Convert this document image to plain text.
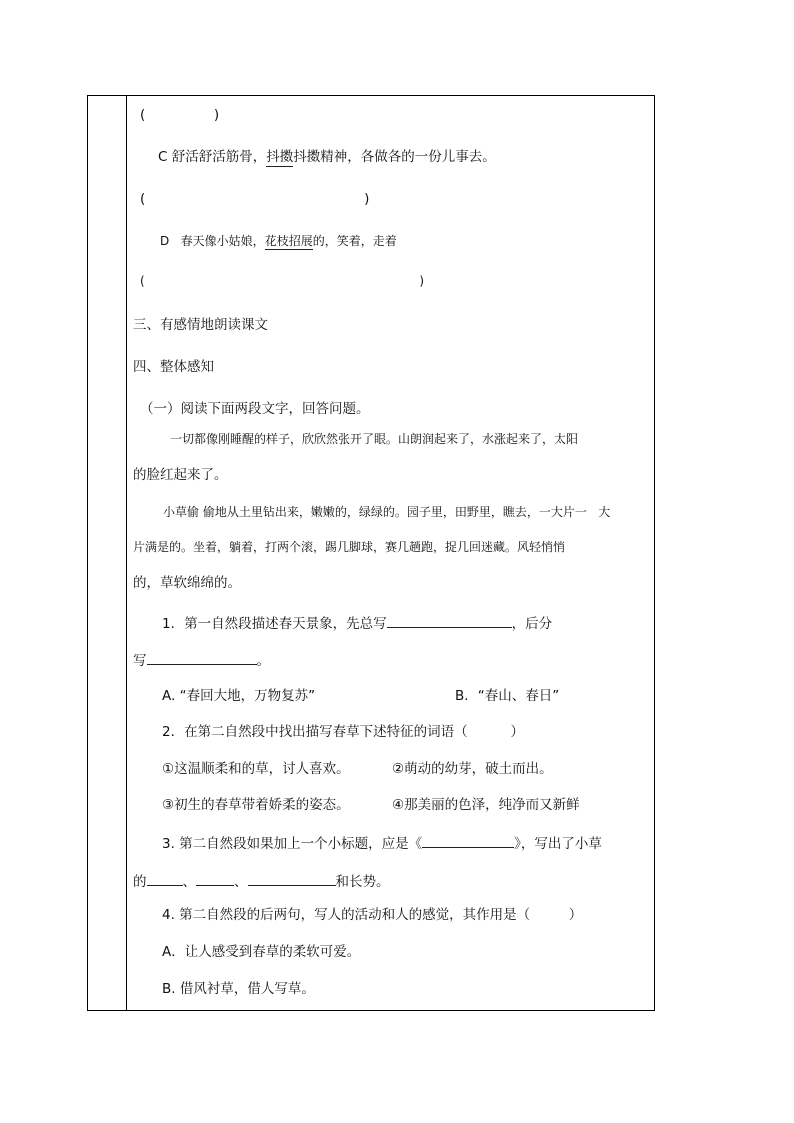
(                )
C 舒活舒活筋骨，抖擞抖擞精神，各做各的一份儿事去。
(                                                   )
D   春天像小姑娘，花枝招展的，笑着，走着
(                                                                        )
三、有感情地朗读课文
四、整体感知
（一）阅读下面两段文字，回答问题。
一切都像刚睡醒的样子，欣欣然张开了眼。山朗润起来了，水涨起来了，太阳
的脸红起来了。
小草偷 偷地从土里钻出来，嫩嫩的，绿绿的。园子里，田野里，瞧去，一大片一   大
片满是的。坐着，躺着，打两个滚，踢几脚球，赛几趟跑，捉几回迷藏。风轻悄悄
的，草软绵绵的。
1．第一自然段描述春天景象，先总写	，后分
写	。
A. “春回大地，万物复苏”	B．“春山、春日”
2．在第二自然段中找出描写春草下述特征的词语（          ）
①这温顺柔和的草，讨人喜欢。	②萌动的幼芽，破土而出。
③初生的春草带着娇柔的姿态。	④那美丽的色泽，纯净而又新鲜
3. 第二自然段如果加上一个小标题，应是《	》，写出了小草
的	、	、	和长势。
4. 第二自然段的后两句，写人的活动和人的感觉，其作用是（         ）
A．让人感受到春草的柔软可爱。
B. 借风衬草，借人写草。
